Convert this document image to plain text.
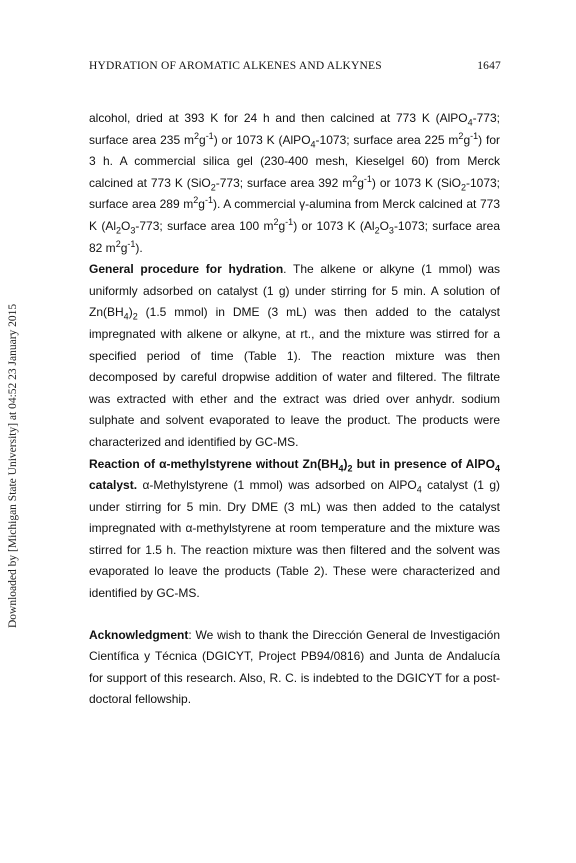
HYDRATION OF AROMATIC ALKENES AND ALKYNES	1647
Downloaded by [Michigan State University] at 04:52 23 January 2015

alcohol, dried at 393 K for 24 h and then calcined at 773 K (AlPO$_4$-773; surface area 235 $m^2g^{-1}$) or 1073 K (AlPO$_4$-1073; surface area 225 $m^2g^{-1}$) for 3 h. A commercial silica gel (230-400 mesh, Kieselgel 60) from Merck calcined at 773 K (SiO$_2$-773; surface area 392 $m^2g^{-1}$) or 1073 K (SiO$_2$-1073; surface area 289 $m^2g^{-1}$). A commercial γ-alumina from Merck calcined at 773 K ($Al_2O_3-773$; surface area 100 $m^2g^{-1}$) or 1073 K ($Al_2O_3-1073$; surface area 82 $m^2g^{-1}$).

General procedure for hydration. The alkene or alkyne (1 mmol) was uniformly adsorbed on catalyst (1 g) under stirring for 5 min. A solution of $Zn(BH_4)_2$ (1.5 mmol) in DME (3 mL) was then added to the catalyst impregnated with alkene or alkyne, at rt., and the mixture was stirred for a specified period of time (Table 1). The reaction mixture was then decomposed by careful dropwise addition of water and filtered. The filtrate was extracted with ether and the extract was dried over anhydr. sodium sulphate and solvent evaporated to leave the product. The products were characterized and identified by GC-MS.

Reaction of α-methylstyrene without $Zn(BH_4)_2$ but in presence of AlPO$_4$ catalyst. α-Methylstyrene (1 mmol) was adsorbed on AlPO$_4$ catalyst (1 g) under stirring for 5 min. Dry DME (3 mL) was then added to the catalyst impregnated with α-methylstyrene at room temperature and the mixture was stirred for 1.5 h. The reaction mixture was then filtered and the solvent was evaporated lo leave the products (Table 2). These were characterized and identified by GC-MS.

Acknowledgment: We wish to thank the Dirección General de Investigación Científica y Técnica (DGICYT, Project PB94/0816) and Junta de Andalucía for support of this research. Also, R. C. is indebted to the DGICYT for a post-doctoral fellowship.
